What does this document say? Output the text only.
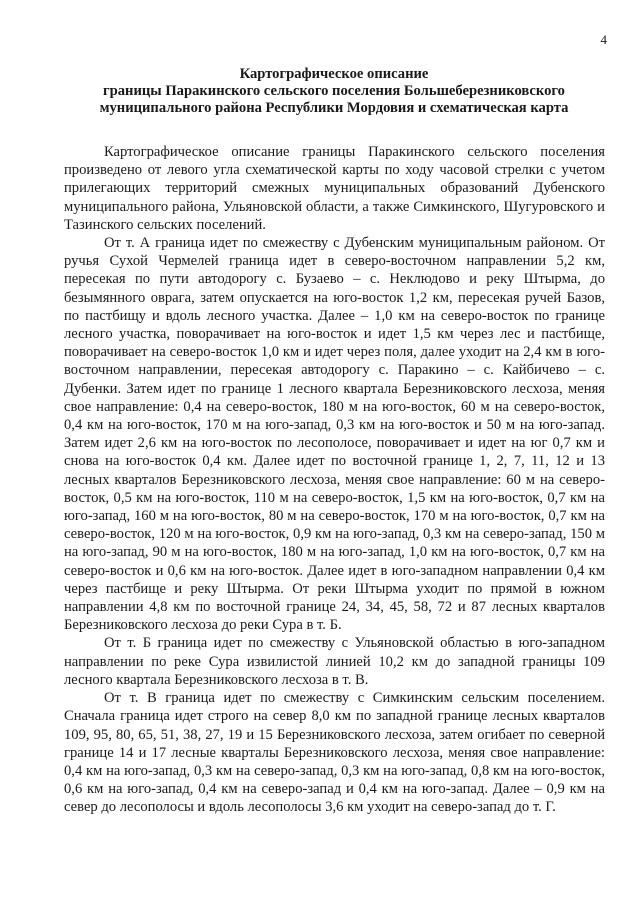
4
Картографическое описание
границы Паракинского сельского поселения Большеберезниковского
муниципального района Республики Мордовия и схематическая карта

Картографическое описание границы Паракинского сельского поселения произведено от левого угла схематической карты по ходу часовой стрелки с учетом прилегающих территорий смежных муниципальных образований Дубенского муниципального района, Ульяновской области, а также Симкинского, Шугуровского и Тазинского сельских поселений.

От т. А граница идет по смежеству с Дубенским муниципальным районом. От ручья Сухой Чермелей граница идет в северо-восточном направлении 5,2 км, пересекая по пути автодорогу с. Бузаево – с. Неклюдово и реку Штырма, до безымянного оврага, затем опускается на юго-восток 1,2 км, пересекая ручей Базов, по пастбищу и вдоль лесного участка. Далее – 1,0 км на северо-восток по границе лесного участка, поворачивает на юго-восток и идет 1,5 км через лес и пастбище, поворачивает на северо-восток 1,0 км и идет через поля, далее уходит на 2,4 км в юго-восточном направлении, пересекая автодорогу с. Паракино – с. Кайбичево – с. Дубенки. Затем идет по границе 1 лесного квартала Березниковского лесхоза, меняя свое направление: 0,4 на северо-восток, 180 м на юго-восток, 60 м на северо-восток, 0,4 км на юго-восток, 170 м на юго-запад, 0,3 км на юго-восток и 50 м на юго-запад. Затем идет 2,6 км на юго-восток по лесополосе, поворачивает и идет на юг 0,7 км и снова на юго-восток 0,4 км. Далее идет по восточной границе 1, 2, 7, 11, 12 и 13 лесных кварталов Березниковского лесхоза, меняя свое направление: 60 м на северо-восток, 0,5 км на юго-восток, 110 м на северо-восток, 1,5 км на юго-восток, 0,7 км на юго-запад, 160 м на юго-восток, 80 м на северо-восток, 170 м на юго-восток, 0,7 км на северо-восток, 120 м на юго-восток, 0,9 км на юго-запад, 0,3 км на северо-запад, 150 м на юго-запад, 90 м на юго-восток, 180 м на юго-запад, 1,0 км на юго-восток, 0,7 км на северо-восток и 0,6 км на юго-восток. Далее идет в юго-западном направлении 0,4 км через пастбище и реку Штырма. От реки Штырма уходит по прямой в южном направлении 4,8 км по восточной границе 24, 34, 45, 58, 72 и 87 лесных кварталов Березниковского лесхоза до реки Сура в т. Б.

От т. Б граница идет по смежеству с Ульяновской областью в юго-западном направлении по реке Сура извилистой линией 10,2 км до западной границы 109 лесного квартала Березниковского лесхоза в т. В.

От т. В граница идет по смежеству с Симкинским сельским поселением. Сначала граница идет строго на север 8,0 км по западной границе лесных кварталов 109, 95, 80, 65, 51, 38, 27, 19 и 15 Березниковского лесхоза, затем огибает по северной границе 14 и 17 лесные кварталы Березниковского лесхоза, меняя свое направление: 0,4 км на юго-запад, 0,3 км на северо-запад, 0,3 км на юго-запад, 0,8 км на юго-восток, 0,6 км на юго-запад, 0,4 км на северо-запад и 0,4 км на юго-запад. Далее – 0,9 км на север до лесополосы и вдоль лесополосы 3,6 км уходит на северо-запад до т. Г.
